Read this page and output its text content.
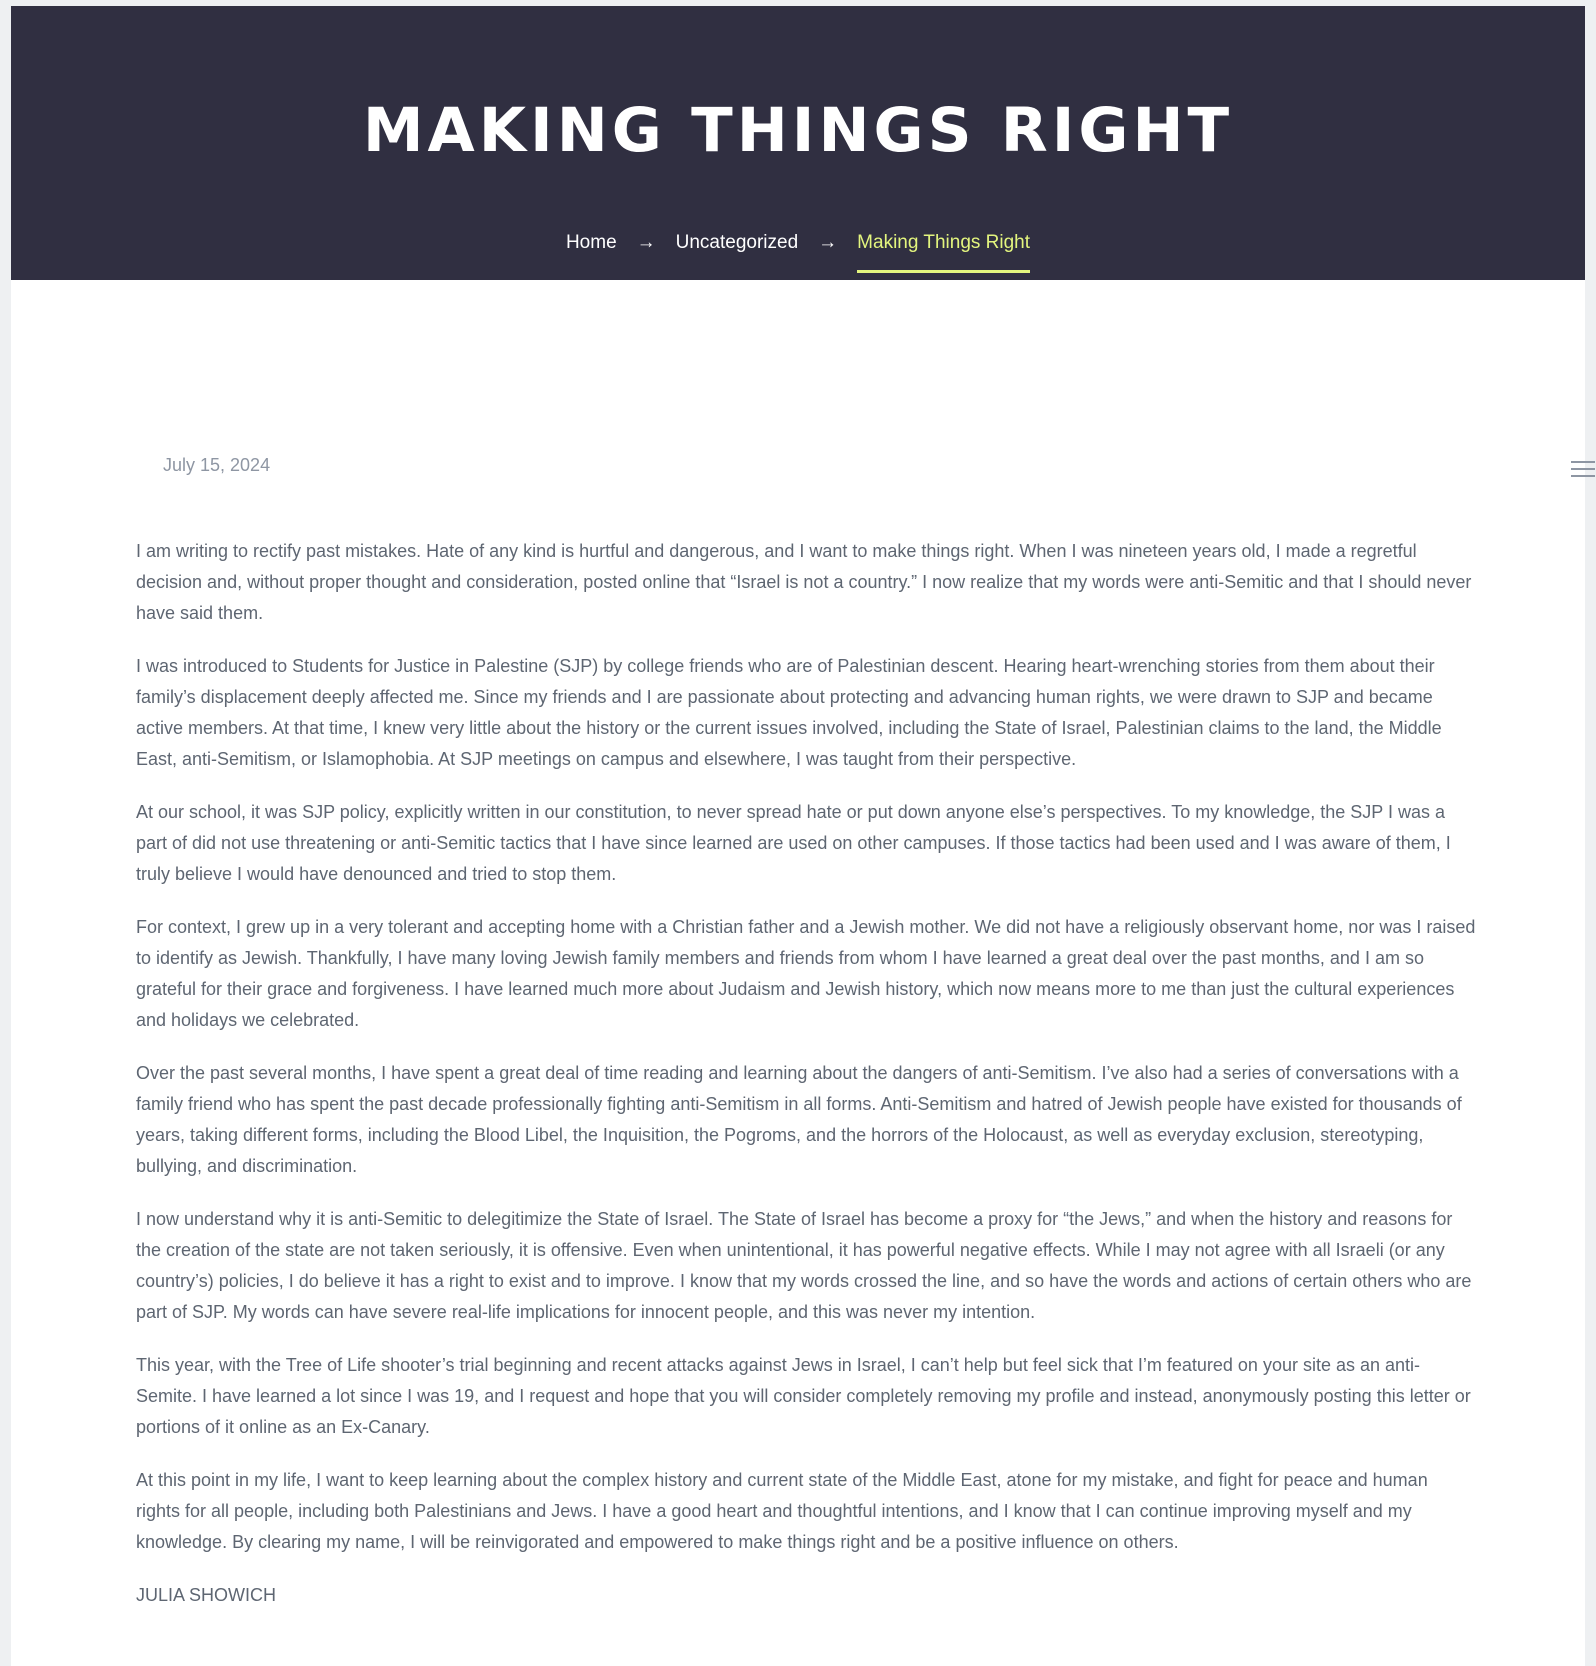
MAKING THINGS RIGHT
Home → Uncategorized → Making Things Right
July 15, 2024

I am writing to rectify past mistakes. Hate of any kind is hurtful and dangerous, and I want to make things right. When I was nineteen years old, I made a regretful decision and, without proper thought and consideration, posted online that “Israel is not a country.” I now realize that my words were anti-Semitic and that I should never have said them.

I was introduced to Students for Justice in Palestine (SJP) by college friends who are of Palestinian descent. Hearing heart-wrenching stories from them about their family’s displacement deeply affected me. Since my friends and I are passionate about protecting and advancing human rights, we were drawn to SJP and became active members. At that time, I knew very little about the history or the current issues involved, including the State of Israel, Palestinian claims to the land, the Middle East, anti-Semitism, or Islamophobia. At SJP meetings on campus and elsewhere, I was taught from their perspective.

At our school, it was SJP policy, explicitly written in our constitution, to never spread hate or put down anyone else’s perspectives. To my knowledge, the SJP I was a part of did not use threatening or anti-Semitic tactics that I have since learned are used on other campuses. If those tactics had been used and I was aware of them, I truly believe I would have denounced and tried to stop them.

For context, I grew up in a very tolerant and accepting home with a Christian father and a Jewish mother. We did not have a religiously observant home, nor was I raised to identify as Jewish. Thankfully, I have many loving Jewish family members and friends from whom I have learned a great deal over the past months, and I am so grateful for their grace and forgiveness. I have learned much more about Judaism and Jewish history, which now means more to me than just the cultural experiences and holidays we celebrated.

Over the past several months, I have spent a great deal of time reading and learning about the dangers of anti-Semitism. I’ve also had a series of conversations with a family friend who has spent the past decade professionally fighting anti-Semitism in all forms. Anti-Semitism and hatred of Jewish people have existed for thousands of years, taking different forms, including the Blood Libel, the Inquisition, the Pogroms, and the horrors of the Holocaust, as well as everyday exclusion, stereotyping, bullying, and discrimination.

I now understand why it is anti-Semitic to delegitimize the State of Israel. The State of Israel has become a proxy for “the Jews,” and when the history and reasons for the creation of the state are not taken seriously, it is offensive. Even when unintentional, it has powerful negative effects. While I may not agree with all Israeli (or any country’s) policies, I do believe it has a right to exist and to improve. I know that my words crossed the line, and so have the words and actions of certain others who are part of SJP. My words can have severe real-life implications for innocent people, and this was never my intention.

This year, with the Tree of Life shooter’s trial beginning and recent attacks against Jews in Israel, I can’t help but feel sick that I’m featured on your site as an anti-Semite. I have learned a lot since I was 19, and I request and hope that you will consider completely removing my profile and instead, anonymously posting this letter or portions of it online as an Ex-Canary.

At this point in my life, I want to keep learning about the complex history and current state of the Middle East, atone for my mistake, and fight for peace and human rights for all people, including both Palestinians and Jews. I have a good heart and thoughtful intentions, and I know that I can continue improving myself and my knowledge. By clearing my name, I will be reinvigorated and empowered to make things right and be a positive influence on others.

JULIA SHOWICH
